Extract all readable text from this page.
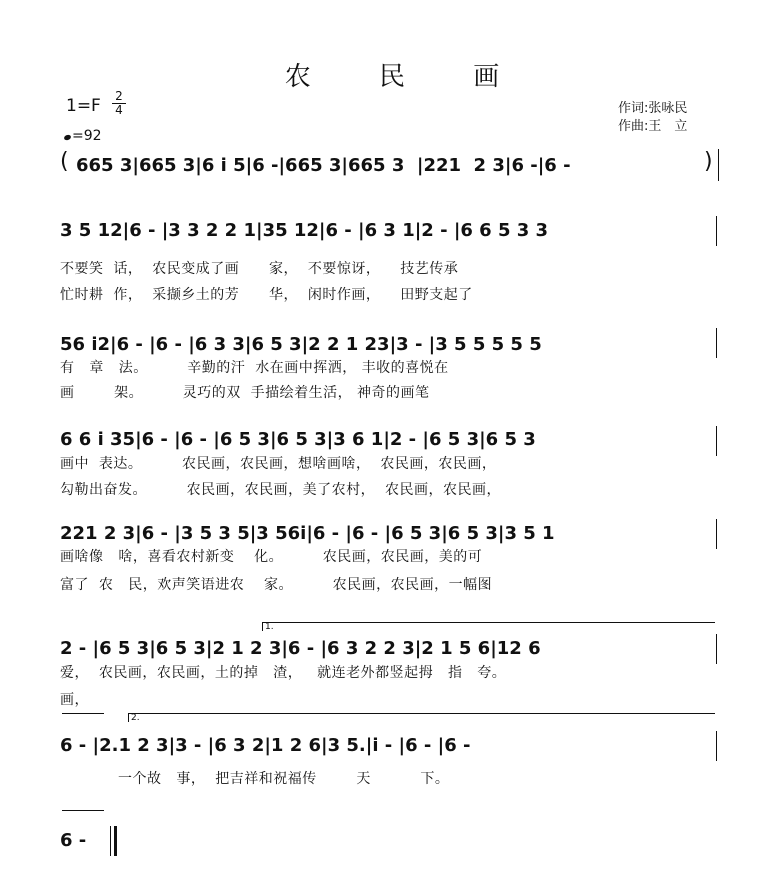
农 民 画
1=F 2
4
=92
作词:张咏民
作曲:王　立
( 665 3|665 3|6 i 5|6 -|665 3|665 3  |221  2 3|6 -|6 -	)
3 5 12|6 - |3 3 2 2 1|35 12|6 - |6 3 1|2 - |6 6 5 3 3
不要笑  话，  农民变成了画      家，  不要惊讶，    技艺传承
忙时耕  作，  采撷乡土的芳      华，  闲时作画，    田野支起了
56 i2|6 - |6 - |6 3 3|6 5 3|2 2 1 23|3 - |3 5 5 5 5 5
有   章   法。        辛勤的汗  水在画中挥洒， 丰收的喜悦在
画        架。        灵巧的双  手描绘着生活， 神奇的画笔
6 6 i 35|6 - |6 - |6 5 3|6 5 3|3 6 1|2 - |6 5 3|6 5 3
画中  表达。        农民画，农民画，想啥画啥，  农民画，农民画，
勾勒出奋发。        农民画，农民画，美了农村，  农民画，农民画，
221 2 3|6 - |3 5 3 5|3 56i|6 - |6 - |6 5 3|6 5 3|3 5 1
画啥像   啥，喜看农村新变    化。        农民画，农民画，美的可
富了  农   民，欢声笑语进农    家。        农民画，农民画，一幅图
1.
2 - |6 5 3|6 5 3|2 1 2 3|6 - |6 3 2 2 3|2 1 5 6|12 6
爱，  农民画，农民画，土的掉   渣，   就连老外都竖起拇   指   夸。
画，
2.
6 - |2.1 2 3|3 - |6 3 2|1 2 6|3 5.|i - |6 - |6 -
一个故   事，  把吉祥和祝福传        天          下。
6 -
